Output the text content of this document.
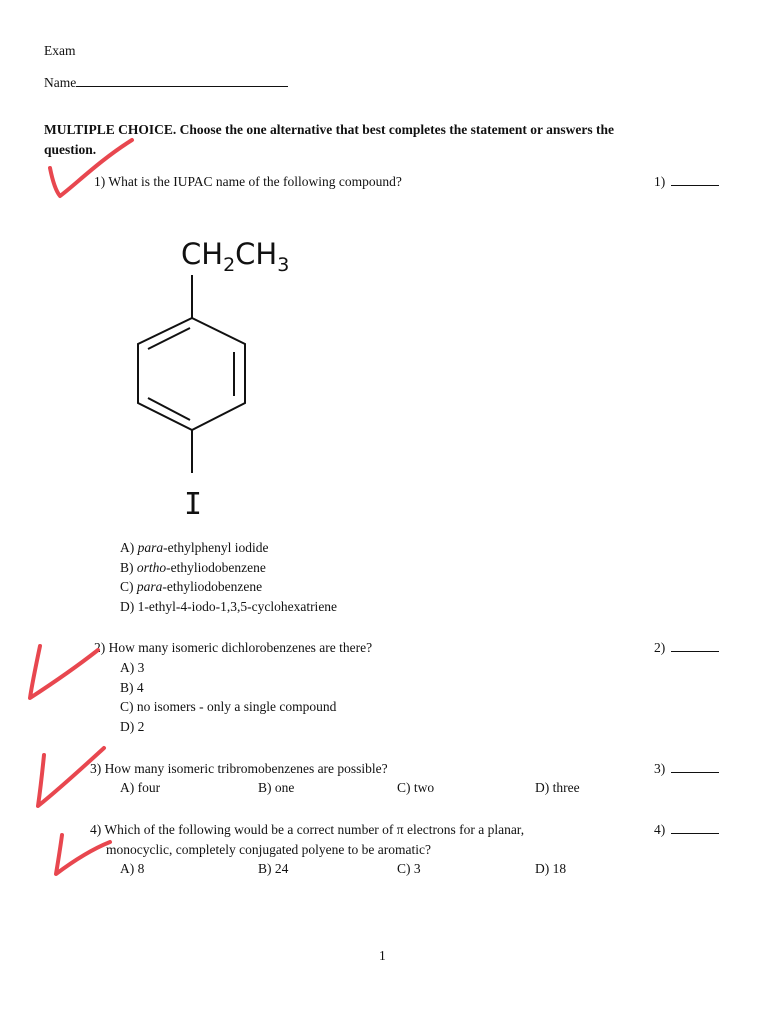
Exam
Name
MULTIPLE CHOICE. Choose the one alternative that best completes the statement or answers the
question.
1) What is the IUPAC name of the following compound?	1)
$CH_2CH_3$
I
A) para-ethylphenyl iodide
B) ortho-ethyliodobenzene
C) para-ethyliodobenzene
D) 1-ethyl-4-iodo-1,3,5-cyclohexatriene
2) How many isomeric dichlorobenzenes are there?	2)
A) 3
B) 4
C) no isomers - only a single compound
D) 2
3) How many isomeric tribromobenzenes are possible?	3)
A) four	B) one	C) two	D) three
4) Which of the following would be a correct number of π electrons for a planar,
monocyclic, completely conjugated polyene to be aromatic?
4)
A) 8	B) 24	C) 3	D) 18
1
